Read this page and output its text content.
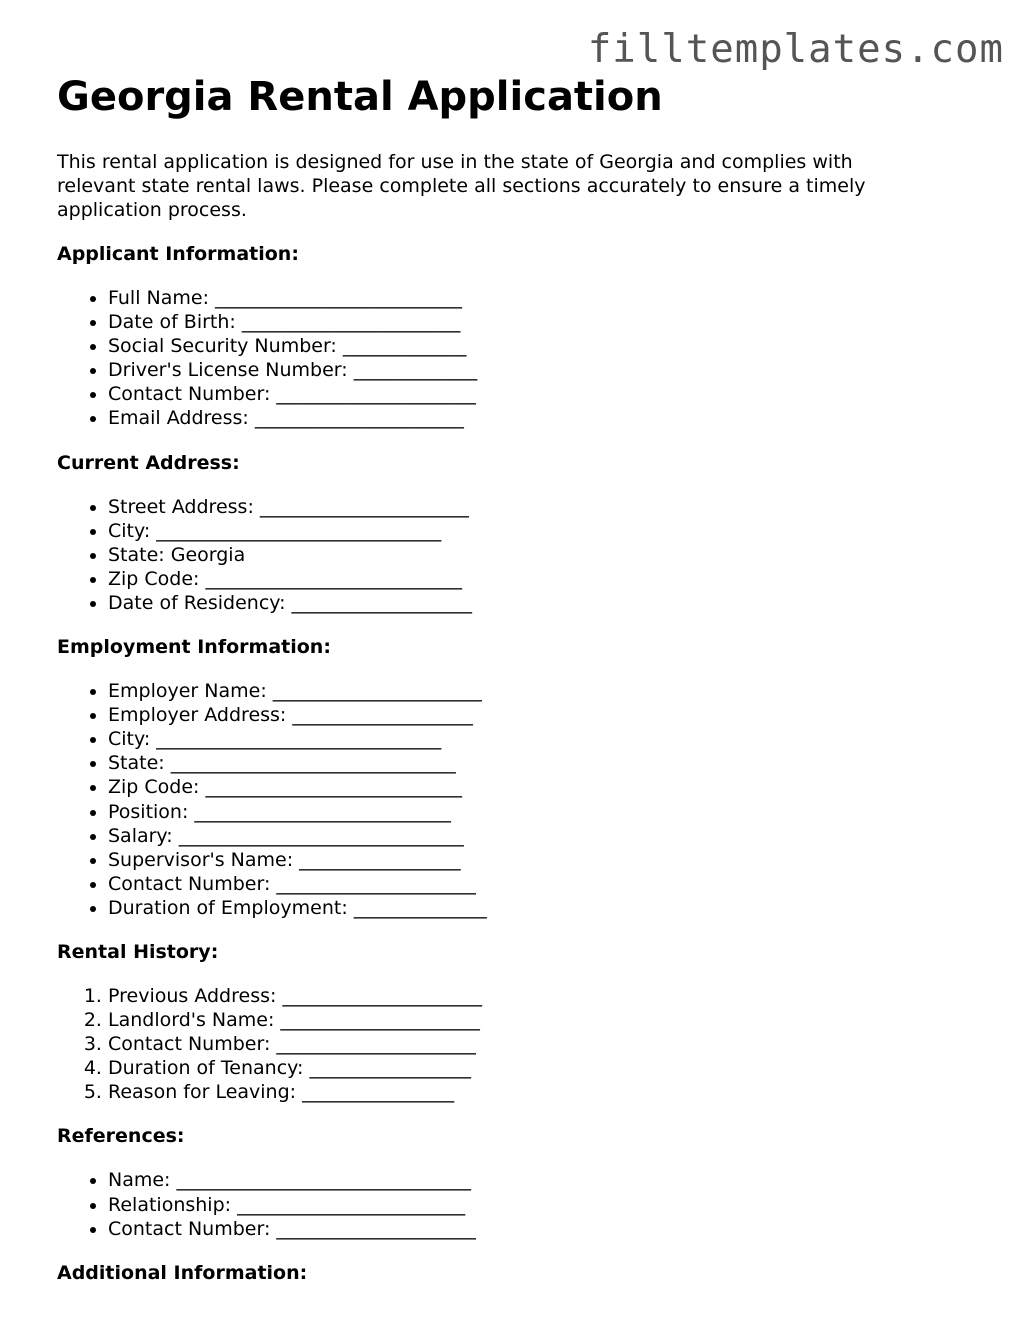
filltemplates.com
Georgia Rental Application

This rental application is designed for use in the state of Georgia and complies with relevant state rental laws. Please complete all sections accurately to ensure a timely application process.

Applicant Information:
• Full Name: __________________________
• Date of Birth: _______________________
• Social Security Number: _____________
• Driver's License Number: _____________
• Contact Number: _____________________
• Email Address: ______________________
Current Address:
• Street Address: ______________________
• City: ______________________________
• State: Georgia
• Zip Code: ___________________________
• Date of Residency: ___________________
Employment Information:
• Employer Name: ______________________
• Employer Address: ___________________
• City: ______________________________
• State: ______________________________
• Zip Code: ___________________________
• Position: ___________________________
• Salary: ______________________________
• Supervisor's Name: _________________
• Contact Number: _____________________
• Duration of Employment: ______________
Rental History:
1. Previous Address: _____________________
2. Landlord's Name: _____________________
3. Contact Number: _____________________
4. Duration of Tenancy: _________________
5. Reason for Leaving: ________________
References:
• Name: _______________________________
• Relationship: ________________________
• Contact Number: _____________________
Additional Information:
